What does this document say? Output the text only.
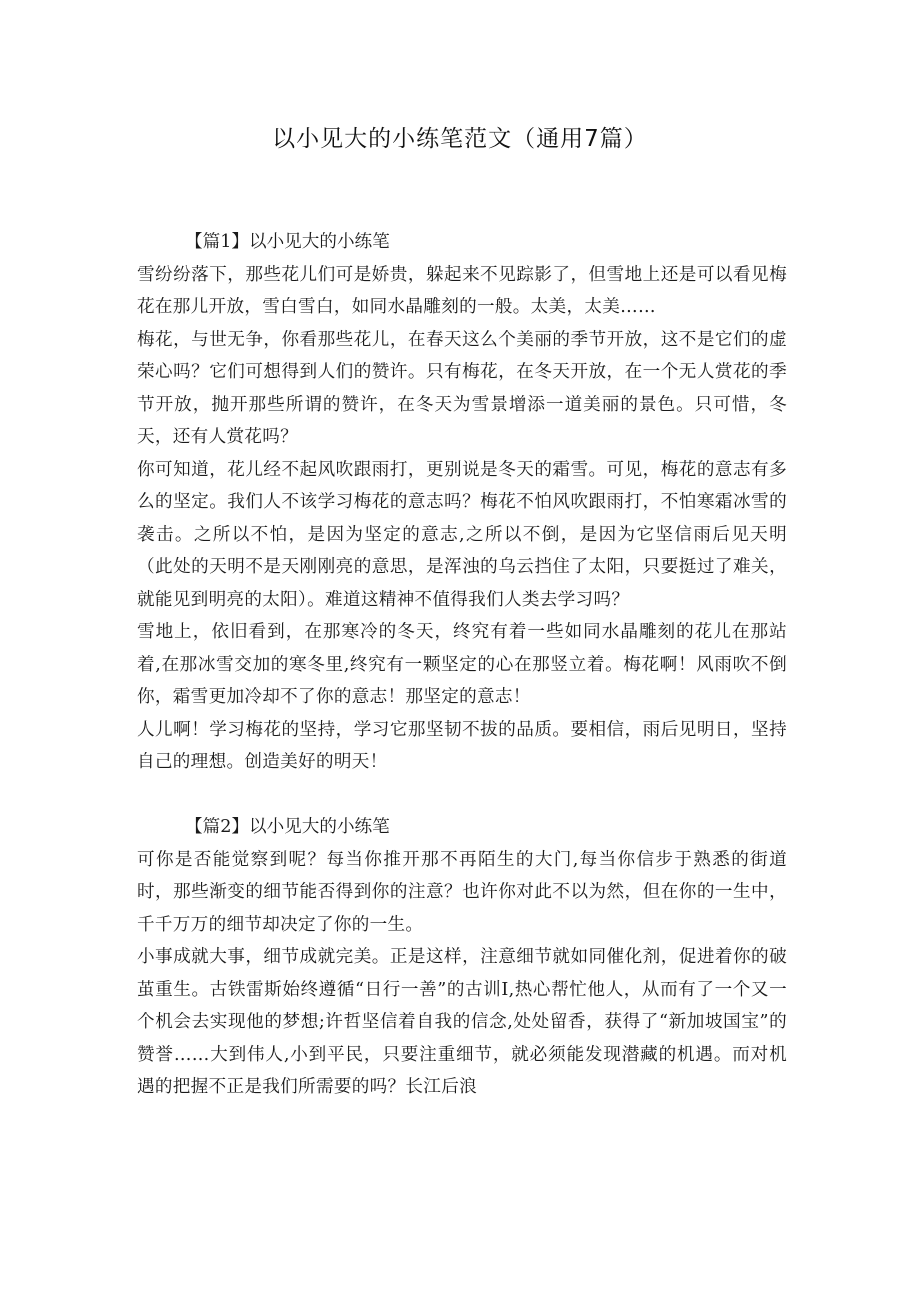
以小见大的小练笔范文（通用7篇）

【篇1】以小见大的小练笔

雪纷纷落下，那些花儿们可是娇贵，躲起来不见踪影了，但雪地上还是可以看见梅花在那儿开放，雪白雪白，如同水晶雕刻的一般。太美，太美……

梅花，与世无争，你看那些花儿，在春天这么个美丽的季节开放，这不是它们的虚荣心吗？它们可想得到人们的赞许。只有梅花，在冬天开放，在一个无人赏花的季节开放，抛开那些所谓的赞许，在冬天为雪景增添一道美丽的景色。只可惜，冬天，还有人赏花吗？

你可知道，花儿经不起风吹跟雨打，更别说是冬天的霜雪。可见，梅花的意志有多么的坚定。我们人不该学习梅花的意志吗？梅花不怕风吹跟雨打，不怕寒霜冰雪的袭击。之所以不怕，是因为坚定的意志,之所以不倒，是因为它坚信雨后见天明（此处的天明不是天刚刚亮的意思，是浑浊的乌云挡住了太阳，只要挺过了难关，就能见到明亮的太阳）。难道这精神不值得我们人类去学习吗？

雪地上，依旧看到，在那寒冷的冬天，终究有着一些如同水晶雕刻的花儿在那站着,在那冰雪交加的寒冬里,终究有一颗坚定的心在那竖立着。梅花啊！风雨吹不倒你，霜雪更加冷却不了你的意志！那坚定的意志！

人儿啊！学习梅花的坚持，学习它那坚韧不拔的品质。要相信，雨后见明日，坚持自己的理想。创造美好的明天！

【篇2】以小见大的小练笔

可你是否能觉察到呢？每当你推开那不再陌生的大门,每当你信步于熟悉的街道时，那些渐变的细节能否得到你的注意？也许你对此不以为然，但在你的一生中，千千万万的细节却决定了你的一生。

小事成就大事，细节成就完美。正是这样，注意细节就如同催化剂，促进着你的破茧重生。古铁雷斯始终遵循“日行一善”的古训I,热心帮忙他人，从而有了一个又一个机会去实现他的梦想;许哲坚信着自我的信念,处处留香，获得了“新加坡国宝”的赞誉……大到伟人,小到平民，只要注重细节，就必须能发现潜藏的机遇。而对机遇的把握不正是我们所需要的吗？长江后浪
